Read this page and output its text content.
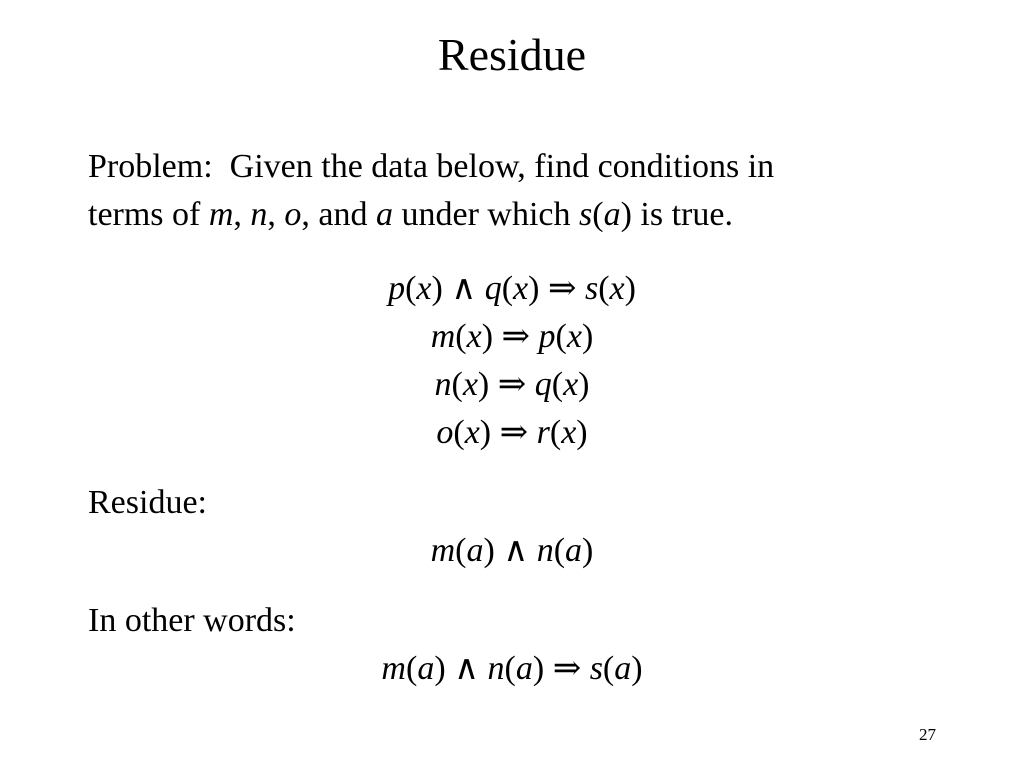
Residue
Problem: Given the data below, find conditions in
terms of m, n, o, and a under which s(a) is true.
p(x) ∧ q(x) ⇒ s(x)
m(x) ⇒ p(x)
n(x) ⇒ q(x)
o(x) ⇒ r(x)
Residue:
m(a) ∧ n(a)
In other words:
m(a) ∧ n(a) ⇒ s(a)
27
